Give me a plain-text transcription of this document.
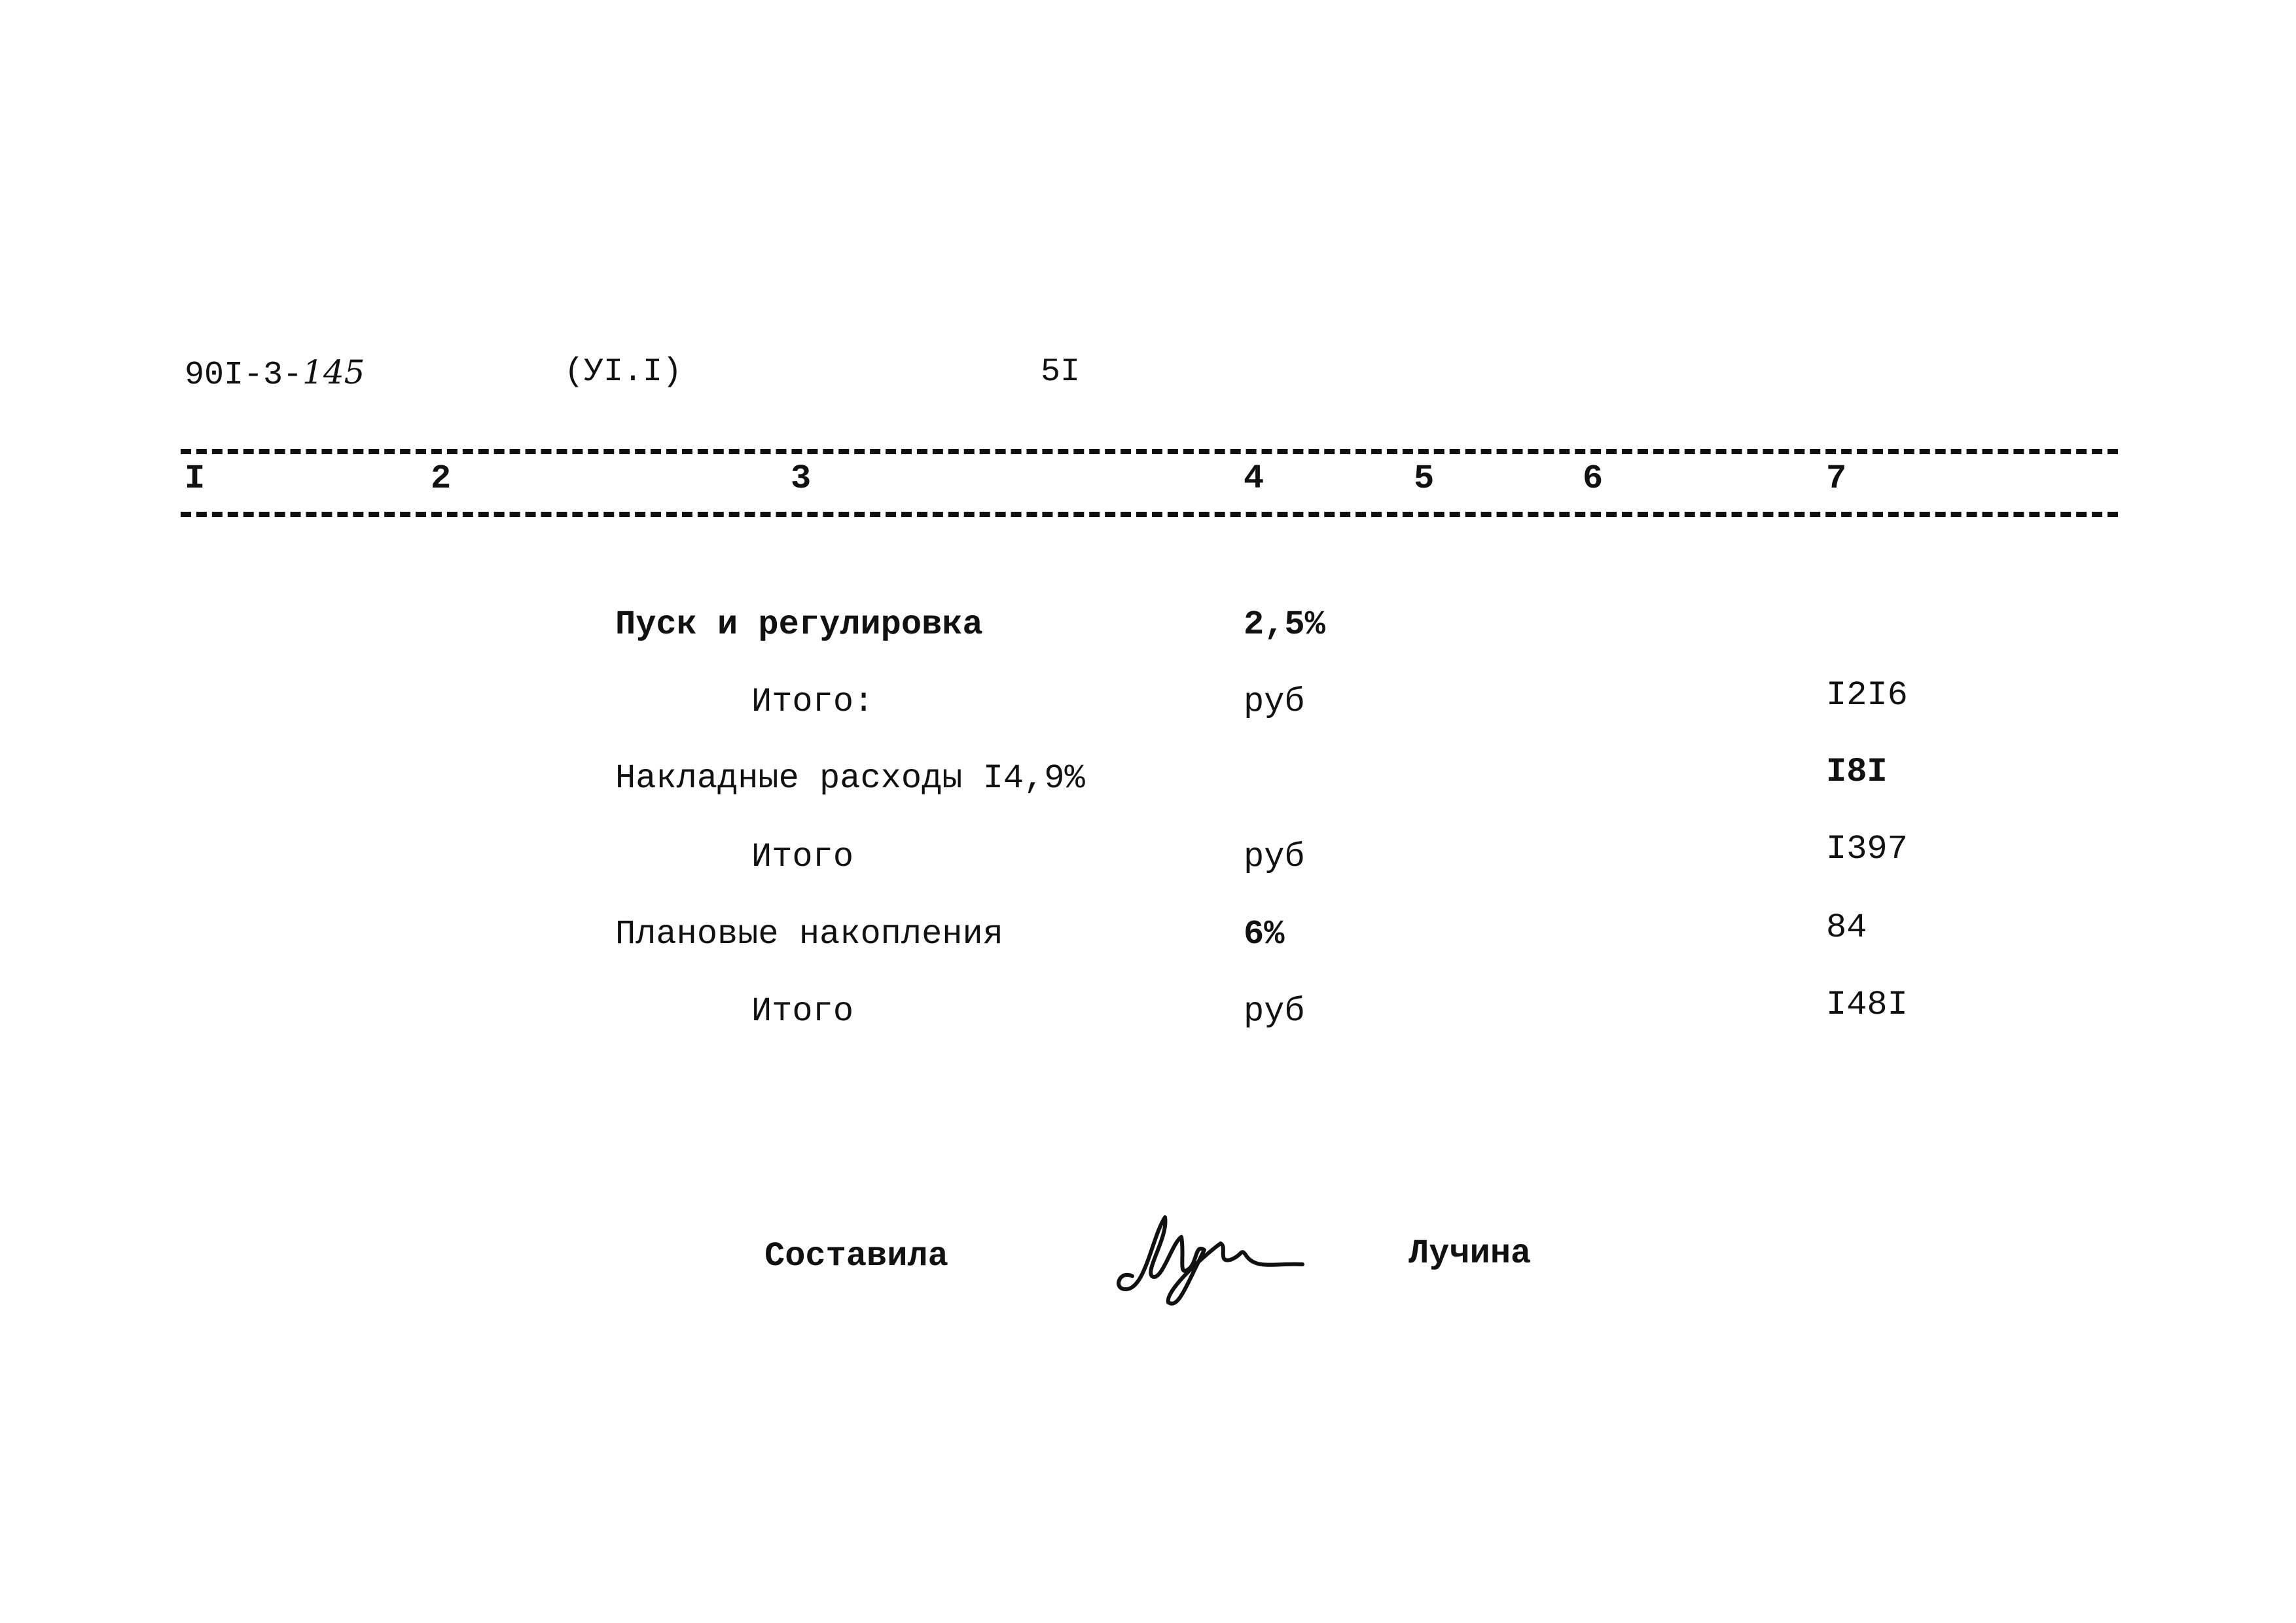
90I-3-145	(УI.I)	5I
I	2	3	4	5	6	7
Пуск и регулировка	2,5%
Итого:	руб	I2I6
Накладные расходы I4,9%	I8I
Итого	руб	I397
Плановые накопления	6%	84
Итого	руб	I48I
Составила	Лучина
